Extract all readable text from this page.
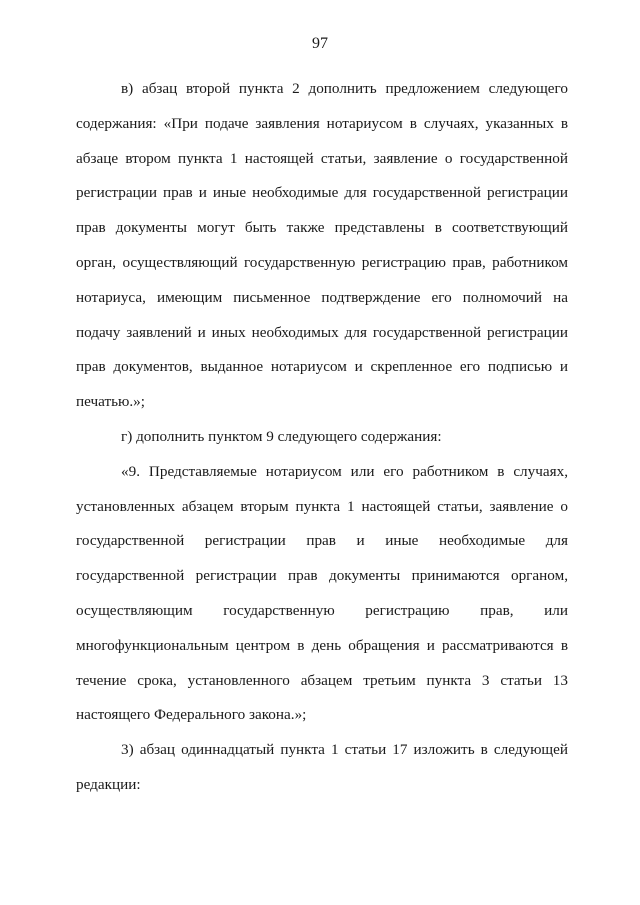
97
в) абзац второй пункта 2 дополнить предложением следующего
содержания: «При подаче заявления нотариусом в случаях, указанных в
абзаце втором пункта 1 настоящей статьи, заявление о государственной
регистрации прав и иные необходимые для государственной регистрации
прав документы могут быть также представлены в соответствующий
орган, осуществляющий государственную регистрацию прав, работником
нотариуса, имеющим письменное подтверждение его полномочий на
подачу заявлений и иных необходимых для государственной регистрации
прав документов, выданное нотариусом и скрепленное его подписью и
печатью.»;
г) дополнить пунктом 9 следующего содержания:
«9. Представляемые нотариусом или его работником в случаях,
установленных абзацем вторым пункта 1 настоящей статьи, заявление о
государственной регистрации прав и иные необходимые для
государственной регистрации прав документы принимаются органом,
осуществляющим государственную регистрацию прав, или
многофункциональным центром в день обращения и рассматриваются в
течение срока, установленного абзацем третьим пункта 3 статьи 13
настоящего Федерального закона.»;
3) абзац одиннадцатый пункта 1 статьи 17 изложить в следующей
редакции:
